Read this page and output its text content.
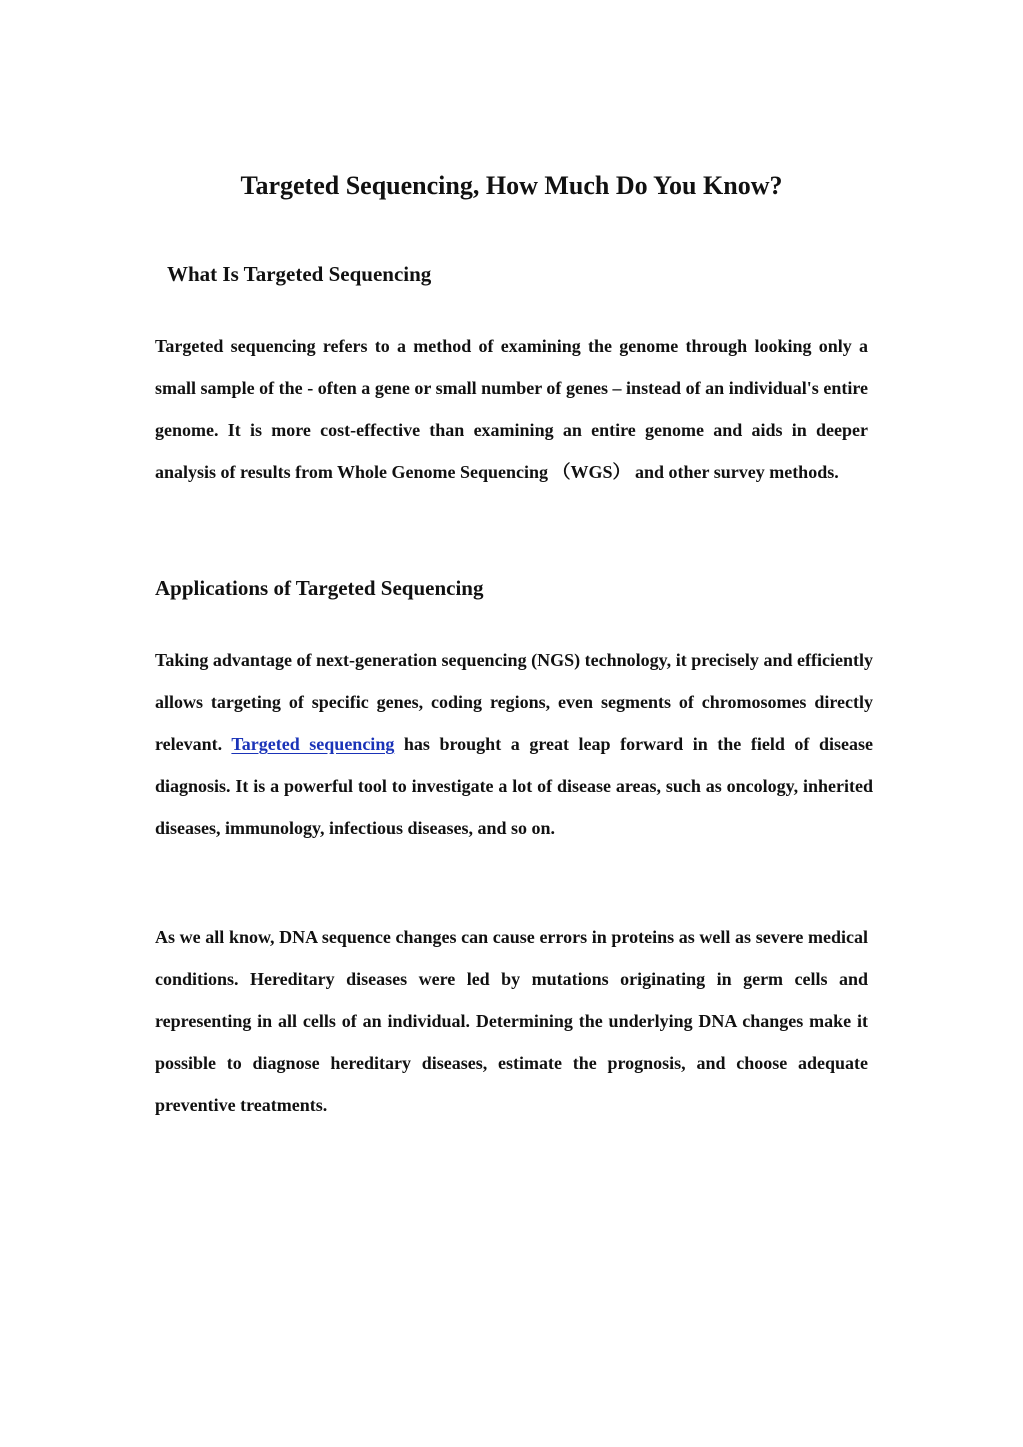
Targeted Sequencing, How Much Do You Know?
What Is Targeted Sequencing

Targeted sequencing refers to a method of examining the genome through looking only a small sample of the - often a gene or small number of genes – instead of an individual's entire genome. It is more cost-effective than examining an entire genome and aids in deeper analysis of results from Whole Genome Sequencing （WGS） and other survey methods.

Applications of Targeted Sequencing

Taking advantage of next-generation sequencing (NGS) technology, it precisely and efficiently allows targeting of specific genes, coding regions, even segments of chromosomes directly relevant. Targeted sequencing has brought a great leap forward in the field of disease diagnosis. It is a powerful tool to investigate a lot of disease areas, such as oncology, inherited diseases, immunology, infectious diseases, and so on.

As we all know, DNA sequence changes can cause errors in proteins as well as severe medical conditions. Hereditary diseases were led by mutations originating in germ cells and representing in all cells of an individual. Determining the underlying DNA changes make it possible to diagnose hereditary diseases, estimate the prognosis, and choose adequate preventive treatments.
